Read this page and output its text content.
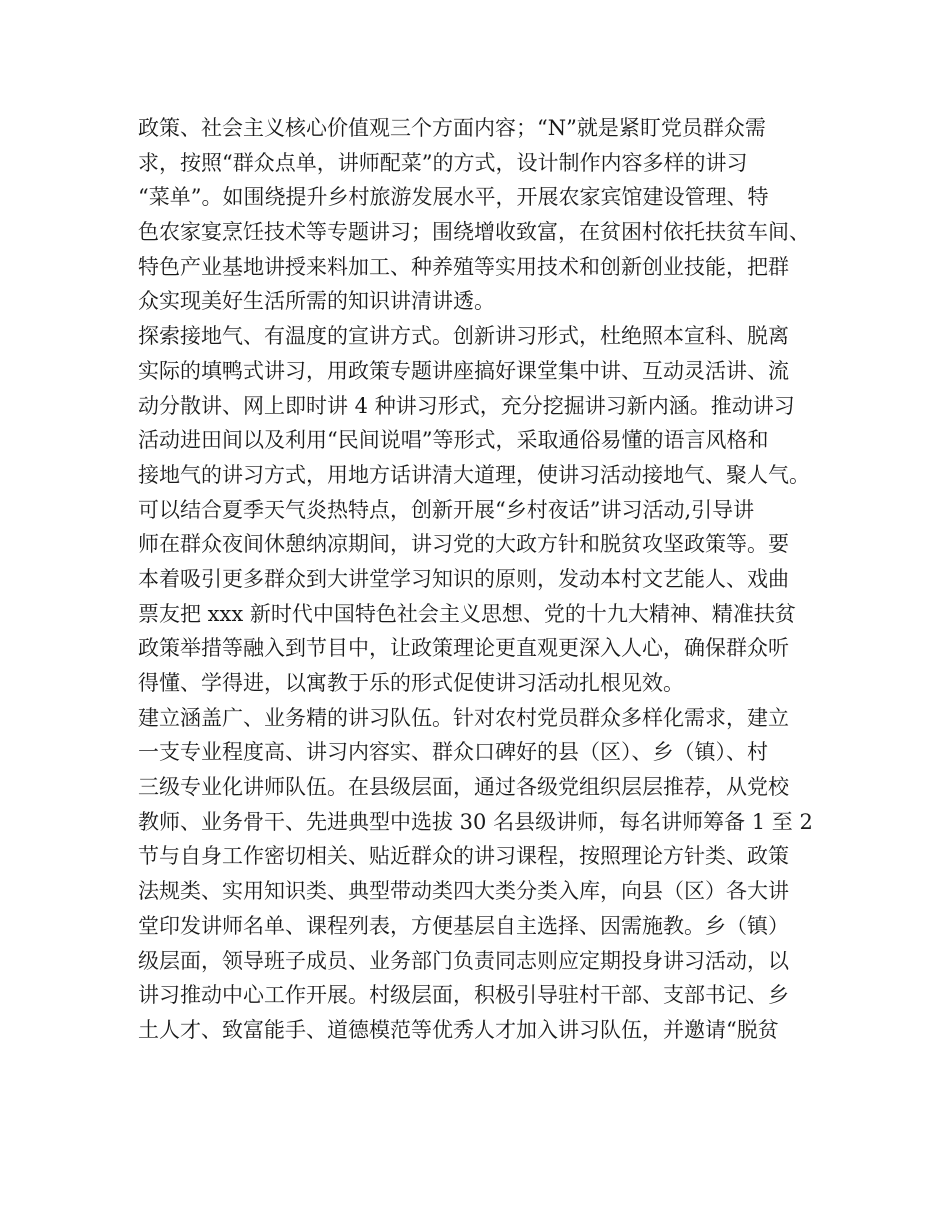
政策、社会主义核心价值观三个方面内容；“N”就是紧盯党员群众需
求，按照“群众点单，讲师配菜”的方式，设计制作内容多样的讲习
“菜单”。如围绕提升乡村旅游发展水平，开展农家宾馆建设管理、特
色农家宴烹饪技术等专题讲习；围绕增收致富，在贫困村依托扶贫车间、
特色产业基地讲授来料加工、种养殖等实用技术和创新创业技能，把群
众实现美好生活所需的知识讲清讲透。
探索接地气、有温度的宣讲方式。创新讲习形式，杜绝照本宣科、脱离
实际的填鸭式讲习，用政策专题讲座搞好课堂集中讲、互动灵活讲、流
动分散讲、网上即时讲 4 种讲习形式，充分挖掘讲习新内涵。推动讲习
活动进田间以及利用“民间说唱”等形式，采取通俗易懂的语言风格和
接地气的讲习方式，用地方话讲清大道理，使讲习活动接地气、聚人气。
可以结合夏季天气炎热特点，创新开展“乡村夜话”讲习活动,引导讲
师在群众夜间休憩纳凉期间，讲习党的大政方针和脱贫攻坚政策等。要
本着吸引更多群众到大讲堂学习知识的原则，发动本村文艺能人、戏曲
票友把 xxx 新时代中国特色社会主义思想、党的十九大精神、精准扶贫
政策举措等融入到节目中，让政策理论更直观更深入人心，确保群众听
得懂、学得进，以寓教于乐的形式促使讲习活动扎根见效。
建立涵盖广、业务精的讲习队伍。针对农村党员群众多样化需求，建立
一支专业程度高、讲习内容实、群众口碑好的县（区）、乡（镇）、村
三级专业化讲师队伍。在县级层面，通过各级党组织层层推荐，从党校
教师、业务骨干、先进典型中选拔 30 名县级讲师，每名讲师筹备 1 至 2
节与自身工作密切相关、贴近群众的讲习课程，按照理论方针类、政策
法规类、实用知识类、典型带动类四大类分类入库，向县（区）各大讲
堂印发讲师名单、课程列表，方便基层自主选择、因需施教。乡（镇）
级层面，领导班子成员、业务部门负责同志则应定期投身讲习活动，以
讲习推动中心工作开展。村级层面，积极引导驻村干部、支部书记、乡
土人才、致富能手、道德模范等优秀人才加入讲习队伍，并邀请“脱贫
